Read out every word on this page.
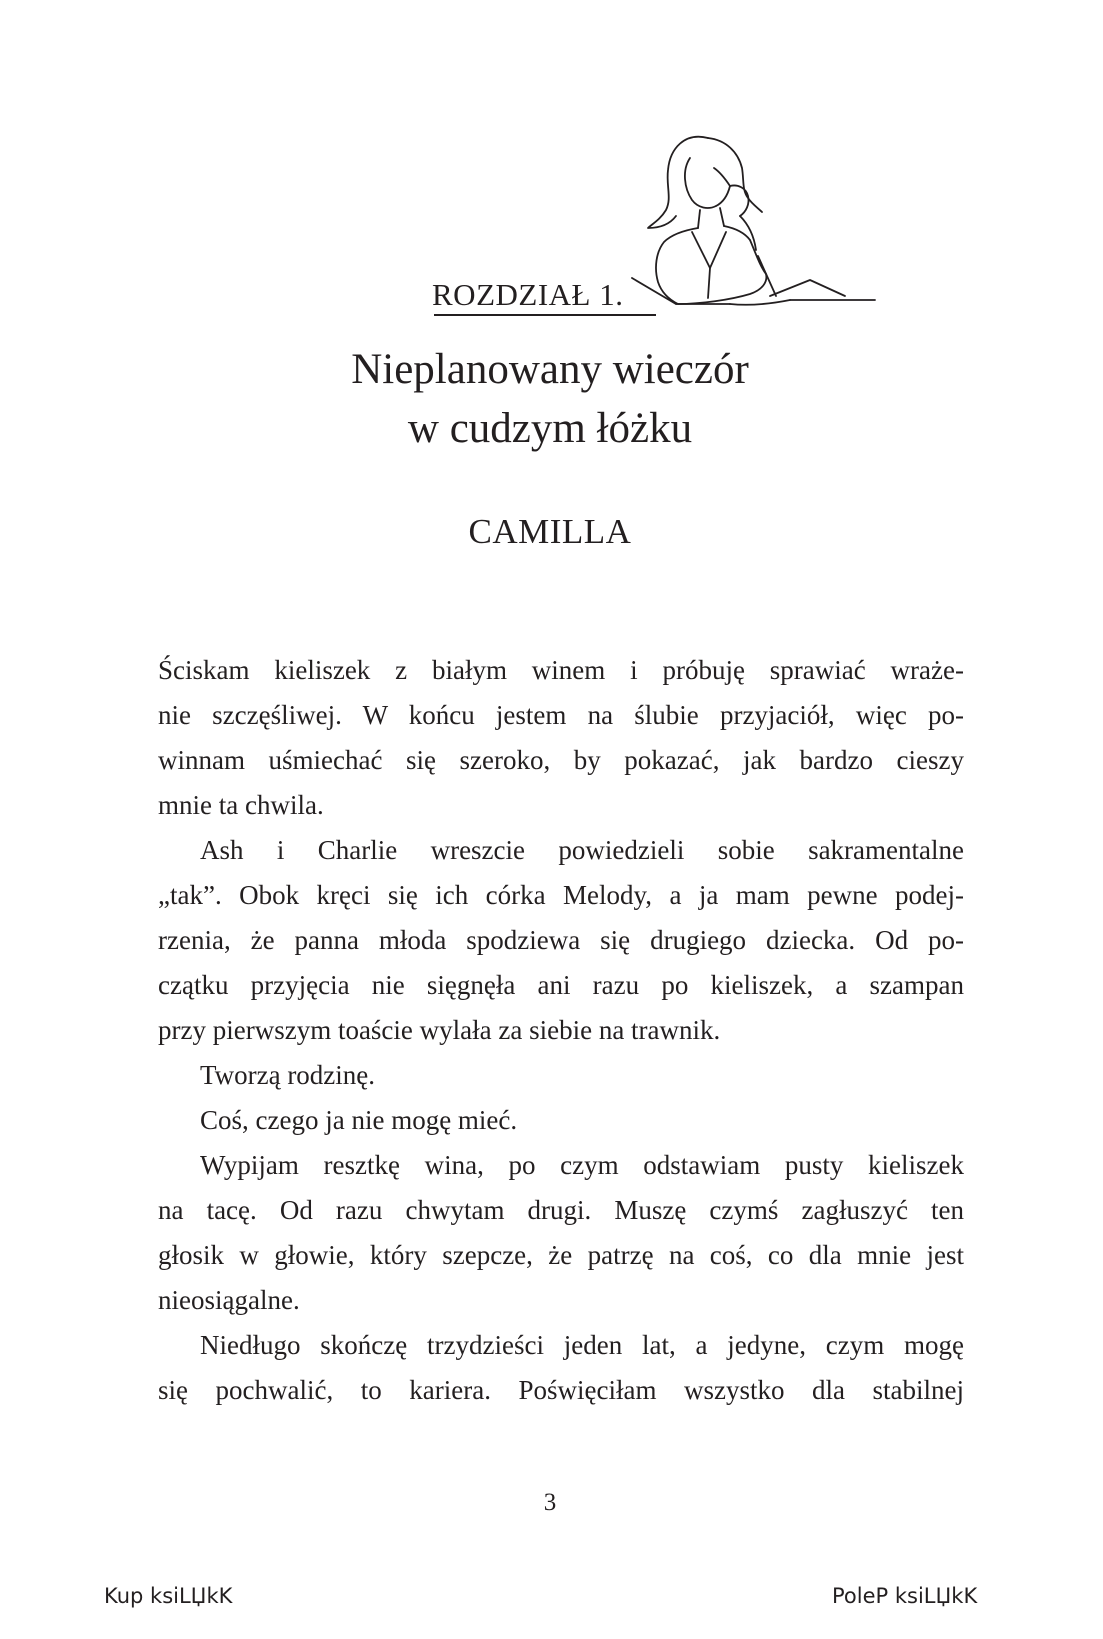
ROZDZIAŁ 1.
Nieplanowany wieczór
w cudzym łóżku
CAMILLA
Ściskam kieliszek z białym winem i próbuję sprawiać wraże-
nie szczęśliwej. W końcu jestem na ślubie przyjaciół, więc po-
winnam uśmiechać się szeroko, by pokazać, jak bardzo cieszy
mnie ta chwila.
Ash i Charlie wreszcie powiedzieli sobie sakramentalne
„tak”. Obok kręci się ich córka Melody, a ja mam pewne podej-
rzenia, że panna młoda spodziewa się drugiego dziecka. Od po-
czątku przyjęcia nie sięgnęła ani razu po kieliszek, a szampan
przy pierwszym toaście wylała za siebie na trawnik.
Tworzą rodzinę.
Coś, czego ja nie mogę mieć.
Wypijam resztkę wina, po czym odstawiam pusty kieliszek
na tacę. Od razu chwytam drugi. Muszę czymś zagłuszyć ten
głosik w głowie, który szepcze, że patrzę na coś, co dla mnie jest
nieosiągalne.
Niedługo skończę trzydzieści jeden lat, a jedyne, czym mogę
się pochwalić, to kariera. Poświęciłam wszystko dla stabilnej
3
Kup ksiLЏkK	PoleP ksiLЏkK
